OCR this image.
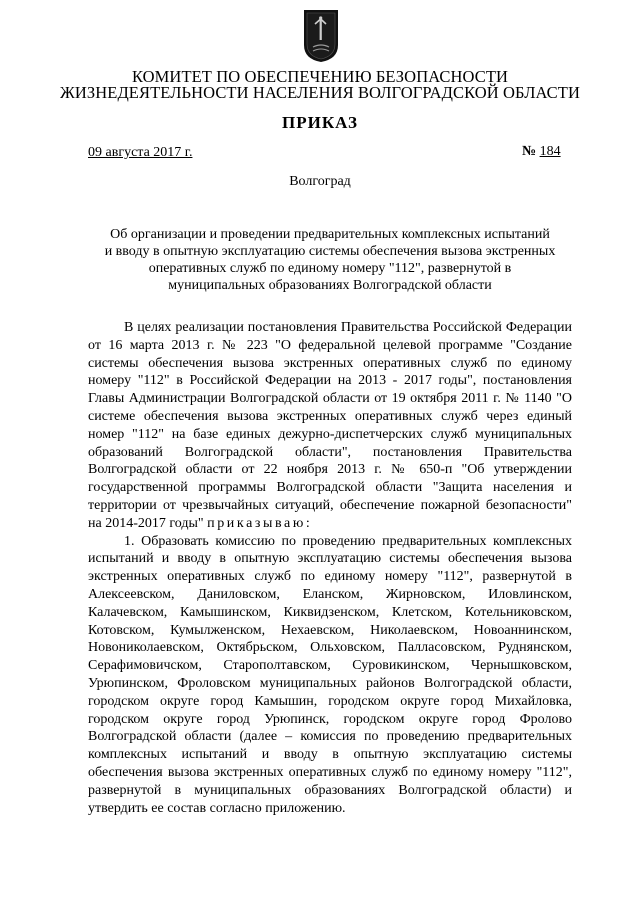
КОМИТЕТ ПО ОБЕСПЕЧЕНИЮ БЕЗОПАСНОСТИ
ЖИЗНЕДЕЯТЕЛЬНОСТИ НАСЕЛЕНИЯ ВОЛГОГРАДСКОЙ ОБЛАСТИ
ПРИКАЗ
09 августа 2017 г.	№ 184
Волгоград
Об организации и проведении предварительных комплексных испытаний
и вводу в опытную эксплуатацию системы обеспечения вызова экстренных
оперативных служб по единому номеру "112", развернутой в
муниципальных образованиях Волгоградской области

В целях реализации постановления Правительства Российской Федерации от 16 марта 2013 г. № 223 "О федеральной целевой программе "Создание системы обеспечения вызова экстренных оперативных служб по единому номеру "112" в Российской Федерации на 2013 - 2017 годы", постановления Главы Администрации Волгоградской области от 19 октября 2011 г. № 1140 "О системе обеспечения вызова экстренных оперативных служб через единый номер "112" на базе единых дежурно-диспетчерских служб муниципальных образований Волгоградской области", постановления Правительства Волгоградской области от 22 ноября 2013 г. № 650-п "Об утверждении государственной программы Волгоградской области "Защита населения и территории от чрезвычайных ситуаций, обеспечение пожарной безопасности" на 2014-2017 годы" приказываю:

1. Образовать комиссию по проведению предварительных комплексных испытаний и вводу в опытную эксплуатацию системы обеспечения вызова экстренных оперативных служб по единому номеру "112", развернутой в Алексеевском, Даниловском, Еланском, Жирновском, Иловлинском, Калачевском, Камышинском, Киквидзенском, Клетском, Котельниковском, Котовском, Кумылженском, Нехаевском, Николаевском, Новоаннинском, Новониколаевском, Октябрьском, Ольховском, Палласовском, Руднянском, Серафимовичском, Старополтавском, Суровикинском, Чернышковском, Урюпинском, Фроловском муниципальных районов Волгоградской области, городском округе город Камышин, городском округе город Михайловка, городском округе город Урюпинск, городском округе город Фролово Волгоградской области (далее – комиссия по проведению предварительных комплексных испытаний и вводу в опытную эксплуатацию системы обеспечения вызова экстренных оперативных служб по единому номеру "112", развернутой в муниципальных образованиях Волгоградской области) и утвердить ее состав согласно приложению.
